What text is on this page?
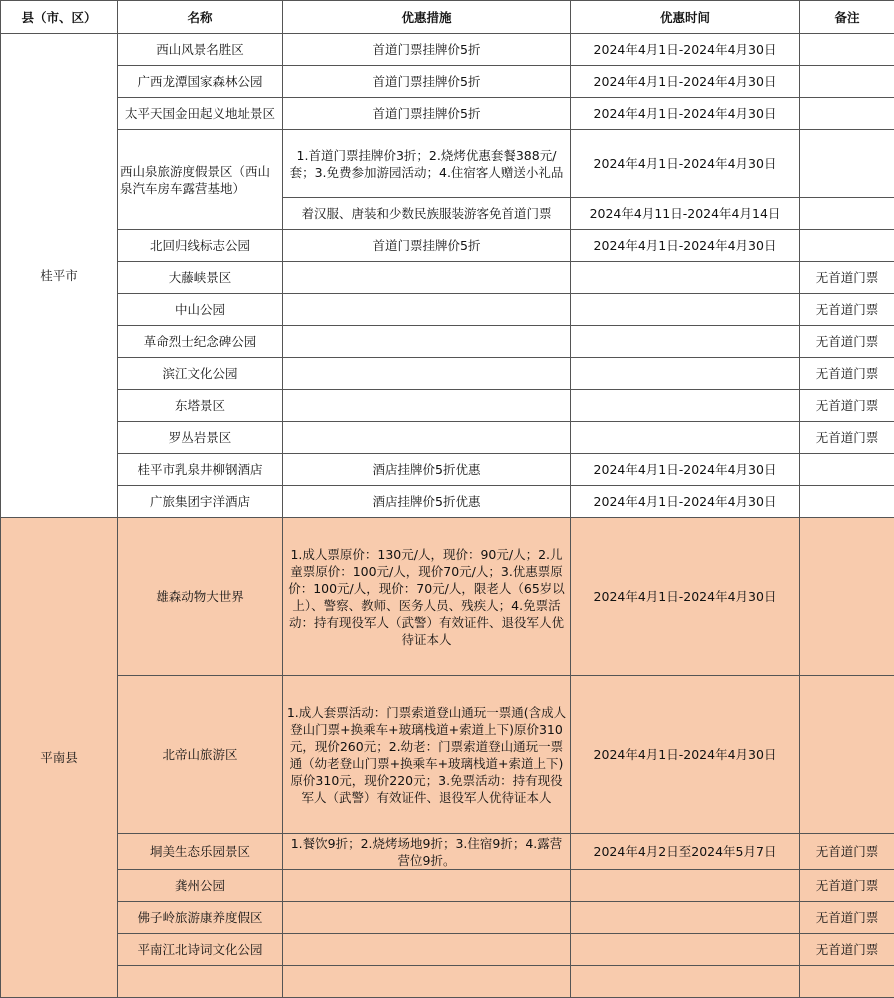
县（市、区）	名称	优惠措施	优惠时间	备注
桂平市	西山风景名胜区	首道门票挂牌价5折	2024年4月1日-2024年4月30日	
	广西龙潭国家森林公园	首道门票挂牌价5折	2024年4月1日-2024年4月30日	
	太平天国金田起义地址景区	首道门票挂牌价5折	2024年4月1日-2024年4月30日	
	西山泉旅游度假景区（西山泉汽车房车露营基地）	1.首道门票挂牌价3折；2.烧烤优惠套餐388元/套；3.免费参加游园活动；4.住宿客人赠送小礼品	2024年4月1日-2024年4月30日	
		着汉服、唐装和少数民族服装游客免首道门票	2024年4月11日-2024年4月14日	
	北回归线标志公园	首道门票挂牌价5折	2024年4月1日-2024年4月30日	
	大藤峡景区			无首道门票
	中山公园			无首道门票
	革命烈士纪念碑公园			无首道门票
	滨江文化公园			无首道门票
	东塔景区			无首道门票
	罗丛岩景区			无首道门票
	桂平市乳泉井柳钢酒店	酒店挂牌价5折优惠	2024年4月1日-2024年4月30日	
	广旅集团宇洋酒店	酒店挂牌价5折优惠	2024年4月1日-2024年4月30日	
平南县	雄森动物大世界	1.成人票原价：130元/人，现价：90元/人；2.儿童票原价：100元/人，现价70元/人；3.优惠票原价：100元/人，现价：70元/人，限老人（65岁以上）、警察、教师、医务人员、残疾人；4.免票活动：持有现役军人（武警）有效证件、退役军人优待证本人	2024年4月1日-2024年4月30日	
	北帝山旅游区	1.成人套票活动：门票索道登山通玩一票通(含成人登山门票+换乘车+玻璃栈道+索道上下)原价310元，现价260元；2.幼老：门票索道登山通玩一票通（幼老登山门票+换乘车+玻璃栈道+索道上下)原价310元，现价220元；3.免票活动：持有现役军人（武警）有效证件、退役军人优待证本人	2024年4月1日-2024年4月30日	
	垌美生态乐园景区	1.餐饮9折；2.烧烤场地9折；3.住宿9折；4.露营营位9折。	2024年4月2日至2024年5月7日	无首道门票
	龚州公园			无首道门票
	佛子岭旅游康养度假区			无首道门票
	平南江北诗词文化公园			无首道门票
